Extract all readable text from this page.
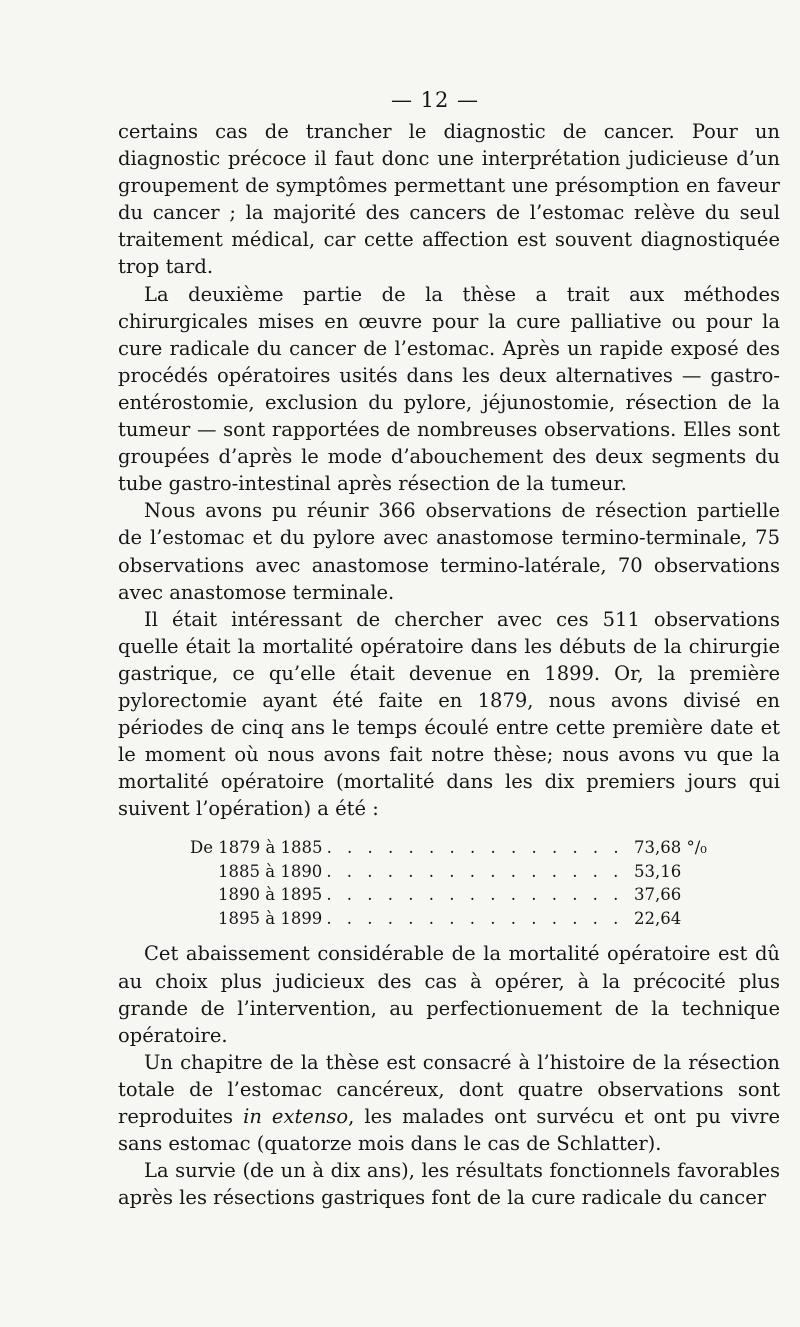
— 12 —

certains cas de trancher le diagnostic de cancer. Pour un diagnostic précoce il faut donc une interprétation judicieuse d’un groupement de symptômes permettant une présomption en faveur du cancer ; la majorité des cancers de l’estomac relève du seul traitement médical, car cette affection est souvent diagnostiquée trop tard.

La deuxième partie de la thèse a trait aux méthodes chirurgicales mises en œuvre pour la cure palliative ou pour la cure radicale du cancer de l’estomac. Après un rapide exposé des procédés opératoires usités dans les deux alternatives — gastro-entérostomie, exclusion du pylore, jéjunostomie, résection de la tumeur — sont rapportées de nombreuses observations. Elles sont groupées d’après le mode d’abouchement des deux segments du tube gastro-intestinal après résection de la tumeur.

Nous avons pu réunir 366 observations de résection partielle de l’estomac et du pylore avec anastomose termino-terminale, 75 observations avec anastomose termino-latérale, 70 observations avec anastomose terminale.

Il était intéressant de chercher avec ces 511 observations quelle était la mortalité opératoire dans les débuts de la chirurgie gastrique, ce qu’elle était devenue en 1899. Or, la première pylorectomie ayant été faite en 1879, nous avons divisé en périodes de cinq ans le temps écoulé entre cette première date et le moment où nous avons fait notre thèse; nous avons vu que la mortalité opératoire (mortalité dans les dix premiers jours qui suivent l’opération) a été :

De 1879 à 1885 . . .	73,68 °/₀
1885 à 1890 . . .	53,16
1890 à 1895 . . .	37,66
1895 à 1899 . . .	22,64

Cet abaissement considérable de la mortalité opératoire est dû au choix plus judicieux des cas à opérer, à la précocité plus grande de l’intervention, au perfectionuement de la technique opératoire.

Un chapitre de la thèse est consacré à l’histoire de la résection totale de l’estomac cancéreux, dont quatre observations sont reproduites in extenso, les malades ont survécu et ont pu vivre sans estomac (quatorze mois dans le cas de Schlatter).

La survie (de un à dix ans), les résultats fonctionnels favorables après les résections gastriques font de la cure radicale du cancer
